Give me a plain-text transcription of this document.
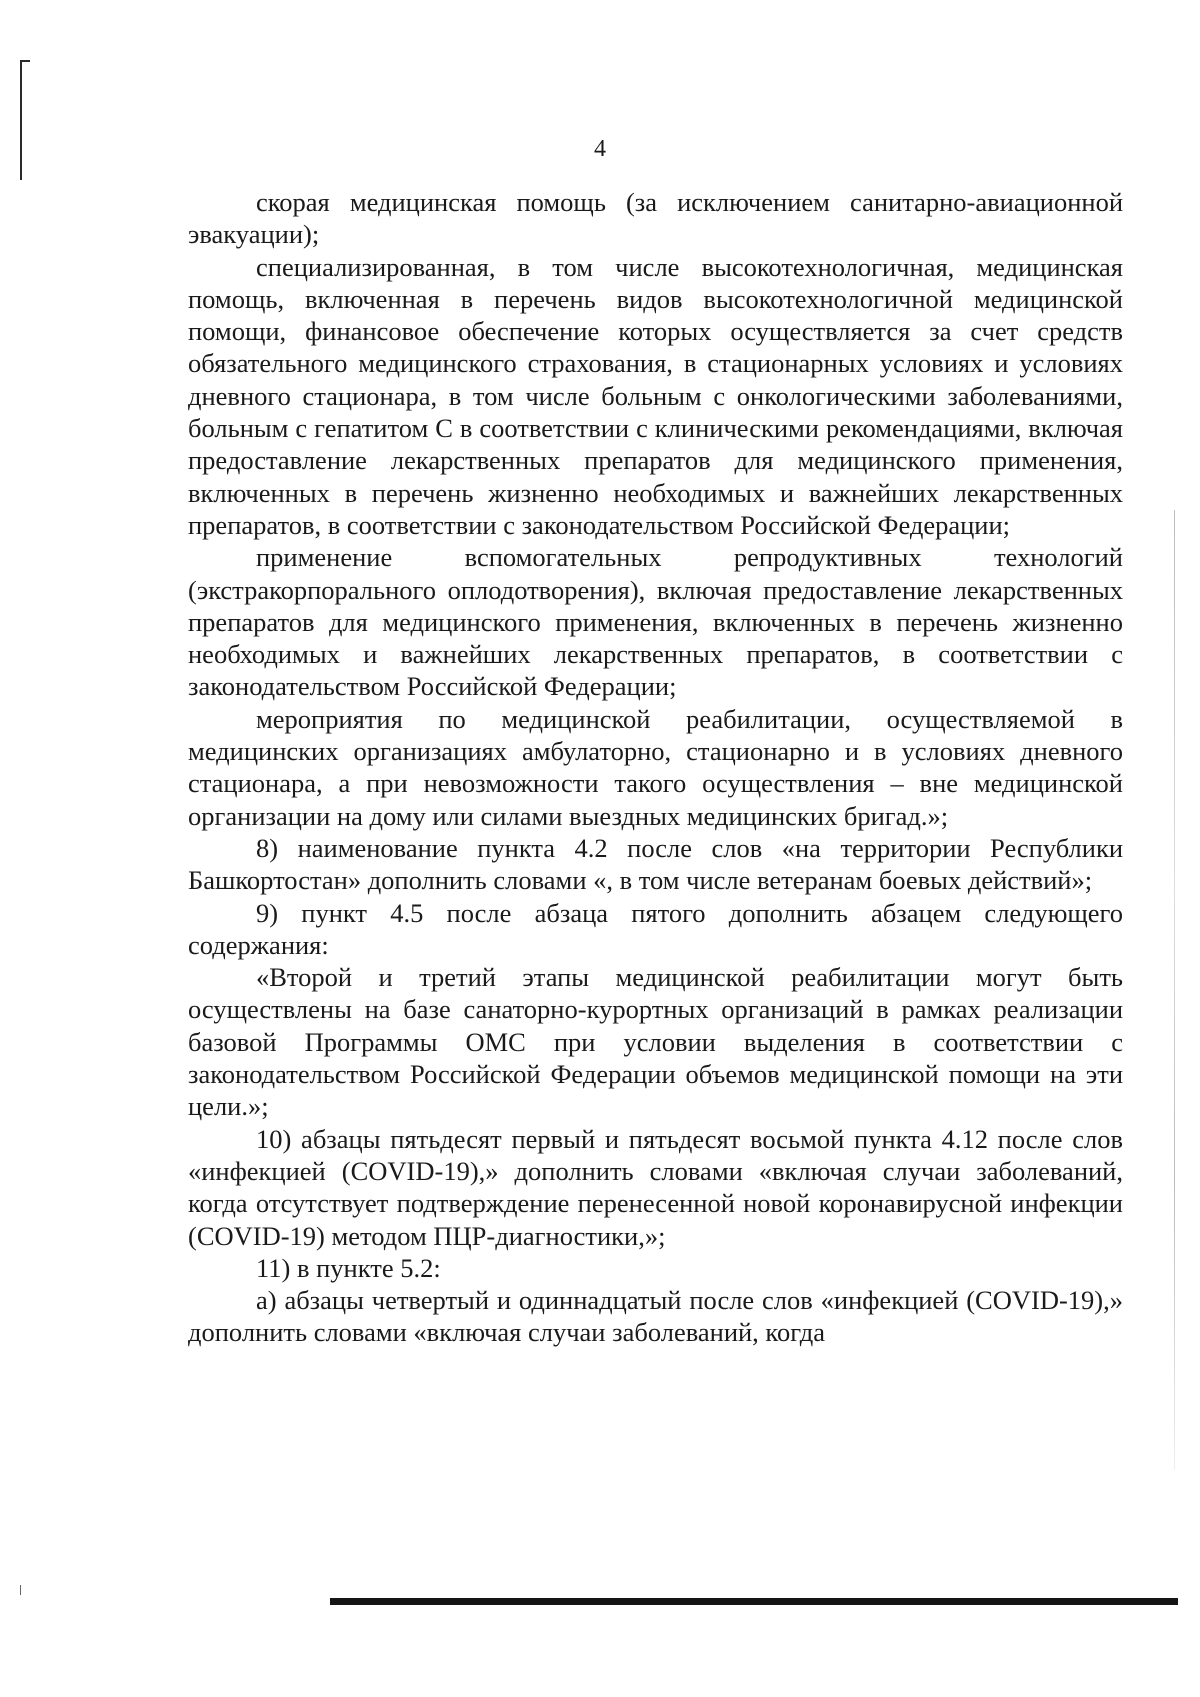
4

скорая медицинская помощь (за исключением санитарно-авиационной эвакуации);

специализированная, в том числе высокотехнологичная, медицинская помощь, включенная в перечень видов высокотехнологичной медицинской помощи, финансовое обеспечение которых осуществляется за счет средств обязательного медицинского страхования, в стационарных условиях и условиях дневного стационара, в том числе больным с онкологическими заболеваниями, больным с гепатитом С в соответствии с клиническими рекомендациями, включая предоставление лекарственных препаратов для медицинского применения, включенных в перечень жизненно необходимых и важнейших лекарственных препаратов, в соответствии с законодательством Российской Федерации;

применение вспомогательных репродуктивных технологий (экстракорпорального оплодотворения), включая предоставление лекарственных препаратов для медицинского применения, включенных в перечень жизненно необходимых и важнейших лекарственных препаратов, в соответствии с законодательством Российской Федерации;

мероприятия по медицинской реабилитации, осуществляемой в медицинских организациях амбулаторно, стационарно и в условиях дневного стационара, а при невозможности такого осуществления – вне медицинской организации на дому или силами выездных медицинских бригад.»;

8) наименование пункта 4.2 после слов «на территории Республики Башкортостан» дополнить словами «, в том числе ветеранам боевых действий»;

9) пункт 4.5 после абзаца пятого дополнить абзацем следующего содержания:

«Второй и третий этапы медицинской реабилитации могут быть осуществлены на базе санаторно-курортных организаций в рамках реализации базовой Программы ОМС при условии выделения в соответствии с законодательством Российской Федерации объемов медицинской помощи на эти цели.»;

10) абзацы пятьдесят первый и пятьдесят восьмой пункта 4.12 после слов «инфекцией (COVID-19),» дополнить словами «включая случаи заболеваний, когда отсутствует подтверждение перенесенной новой коронавирусной инфекции (COVID-19) методом ПЦР-диагностики,»;

11) в пункте 5.2:

а) абзацы четвертый и одиннадцатый после слов «инфекцией (COVID-19),» дополнить словами «включая случаи заболеваний, когда
